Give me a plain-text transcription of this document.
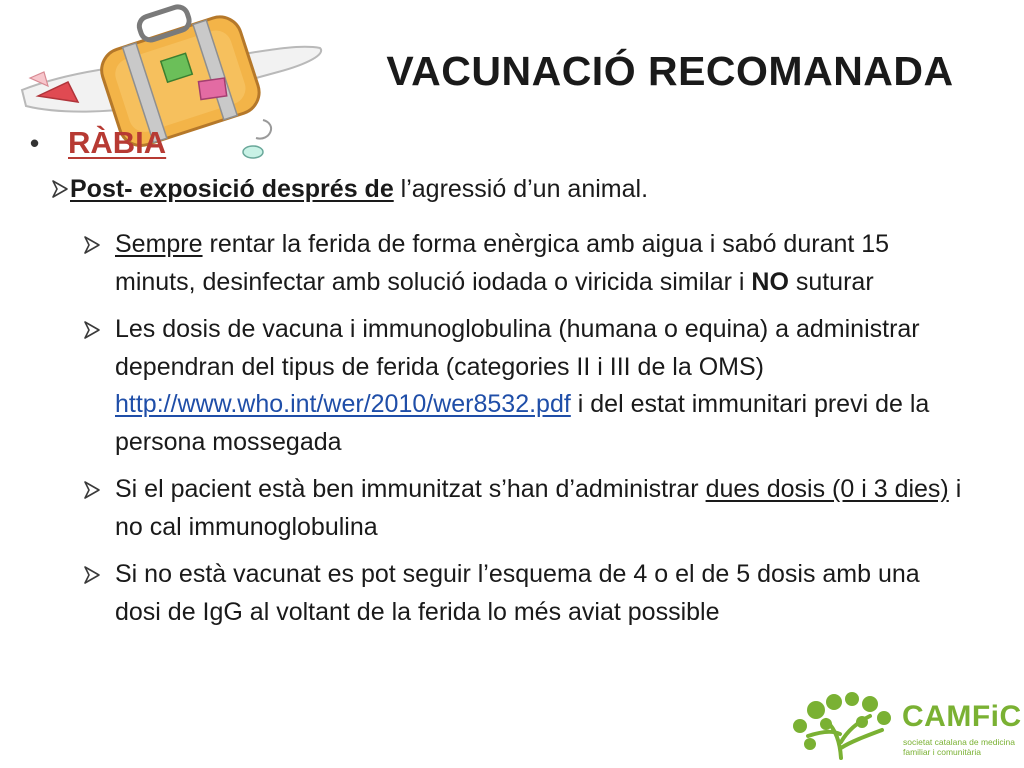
VACUNACIÓ RECOMANADA
• RÀBIA
Post- exposició després de l’agressió d’un animal.
Sempre rentar la ferida de forma enèrgica amb aigua i sabó durant 15 minuts, desinfectar amb solució iodada o viricida similar i NO suturar
Les dosis de vacuna i immunoglobulina (humana o equina) a administrar dependran del tipus de ferida (categories II i III de la OMS) http://www.who.int/wer/2010/wer8532.pdf i del estat immunitari previ de la persona mossegada
Si el pacient està ben immunitzat s’han d’administrar dues dosis (0 i 3 dies) i no cal immunoglobulina
Si no està vacunat es pot seguir l’esquema de 4 o el de 5 dosis amb una dosi de IgG al voltant de la ferida lo més aviat possible
CAMFiC
societat catalana de medicina
familiar i comunitària
